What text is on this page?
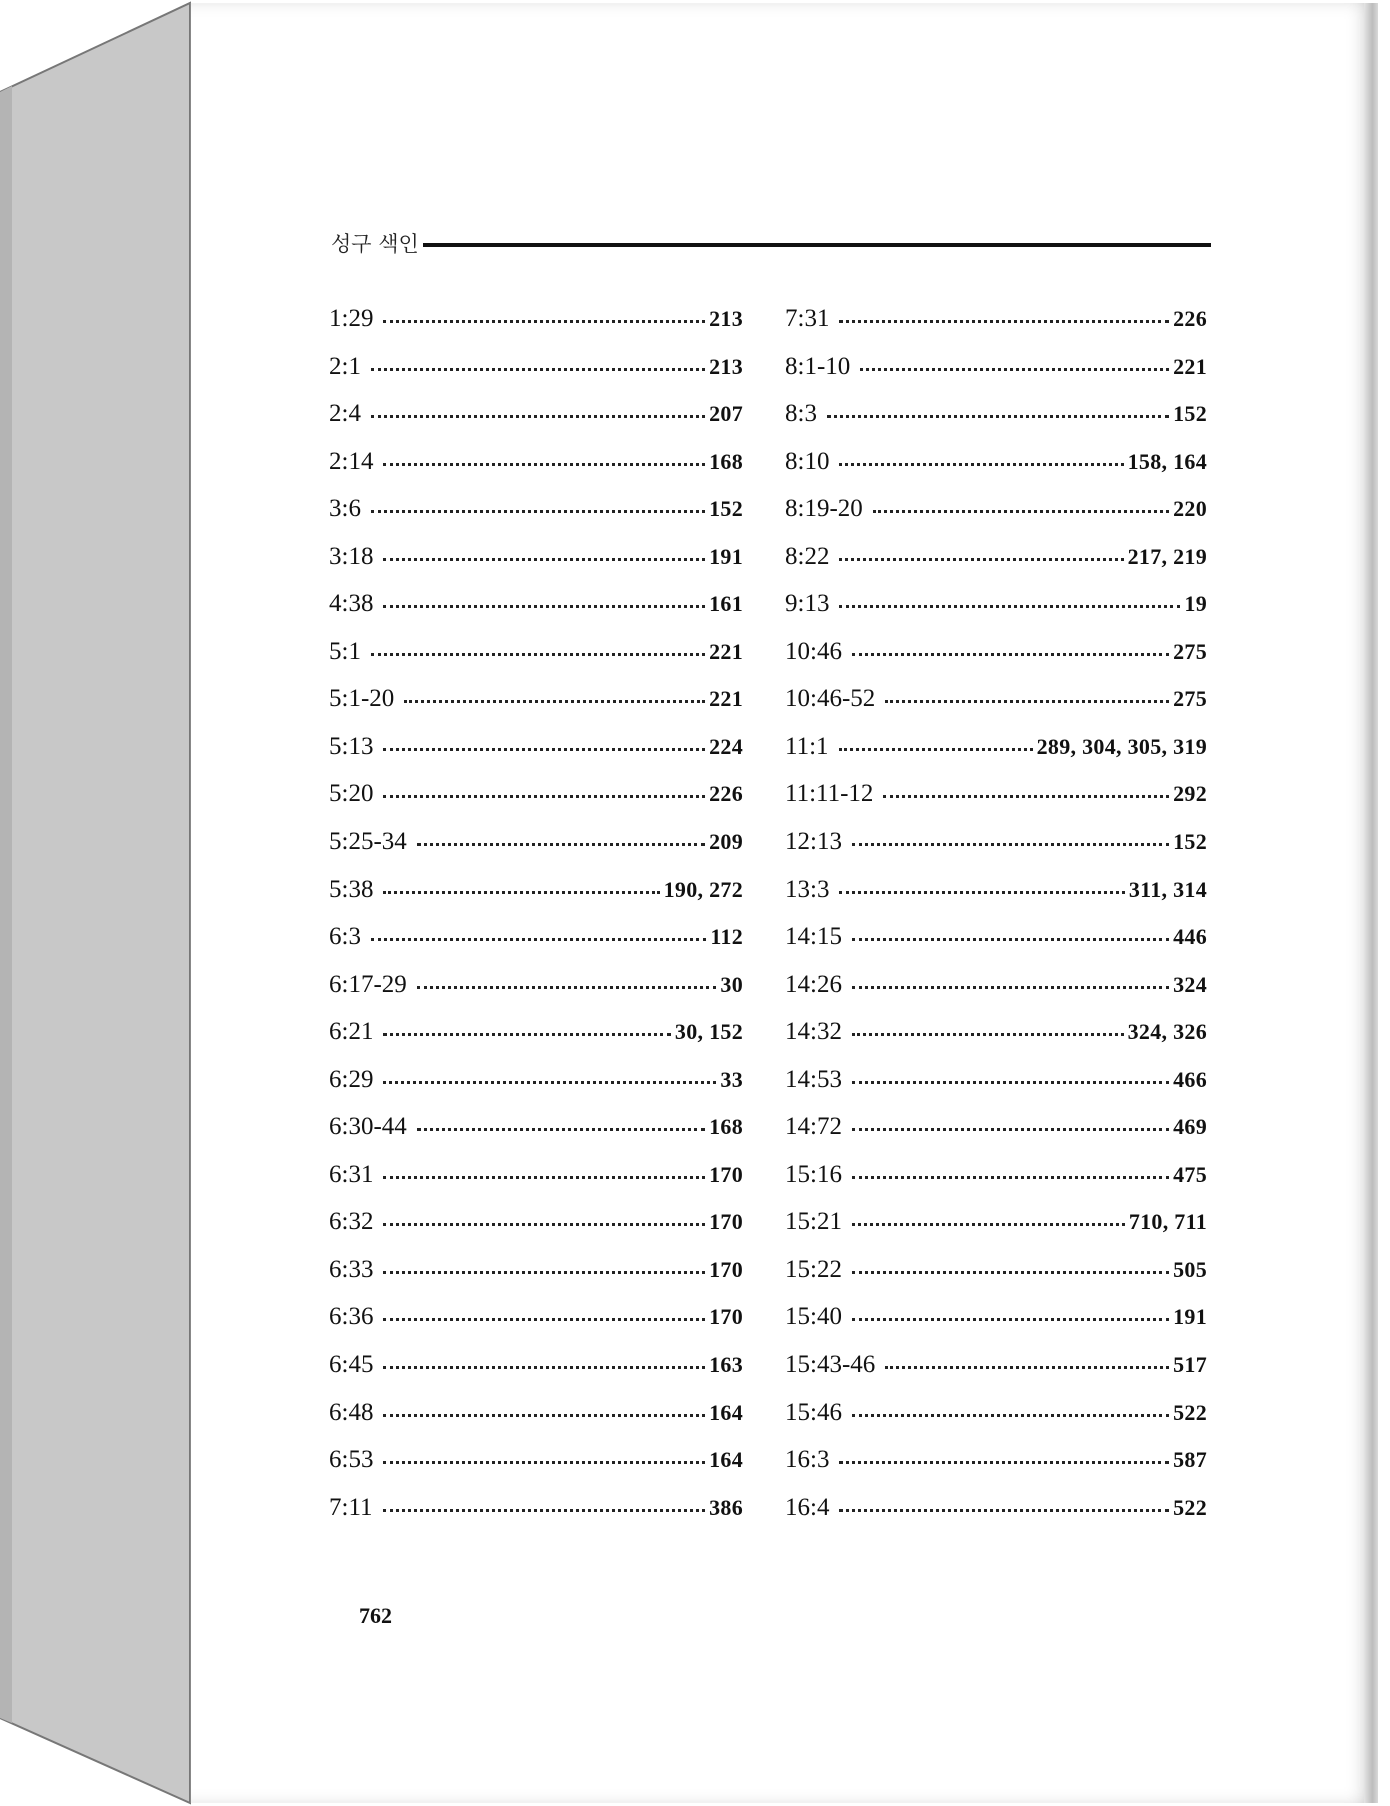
성구 색인
1:29	213
2:1	213
2:4	207
2:14	168
3:6	152
3:18	191
4:38	161
5:1	221
5:1-20	221
5:13	224
5:20	226
5:25-34	209
5:38	190, 272
6:3	112
6:17-29	30
6:21	30, 152
6:29	33
6:30-44	168
6:31	170
6:32	170
6:33	170
6:36	170
6:45	163
6:48	164
6:53	164
7:11	386
7:31	226
8:1-10	221
8:3	152
8:10	158, 164
8:19-20	220
8:22	217, 219
9:13	19
10:46	275
10:46-52	275
11:1	289, 304, 305, 319
11:11-12	292
12:13	152
13:3	311, 314
14:15	446
14:26	324
14:32	324, 326
14:53	466
14:72	469
15:16	475
15:21	710, 711
15:22	505
15:40	191
15:43-46	517
15:46	522
16:3	587
16:4	522
762
